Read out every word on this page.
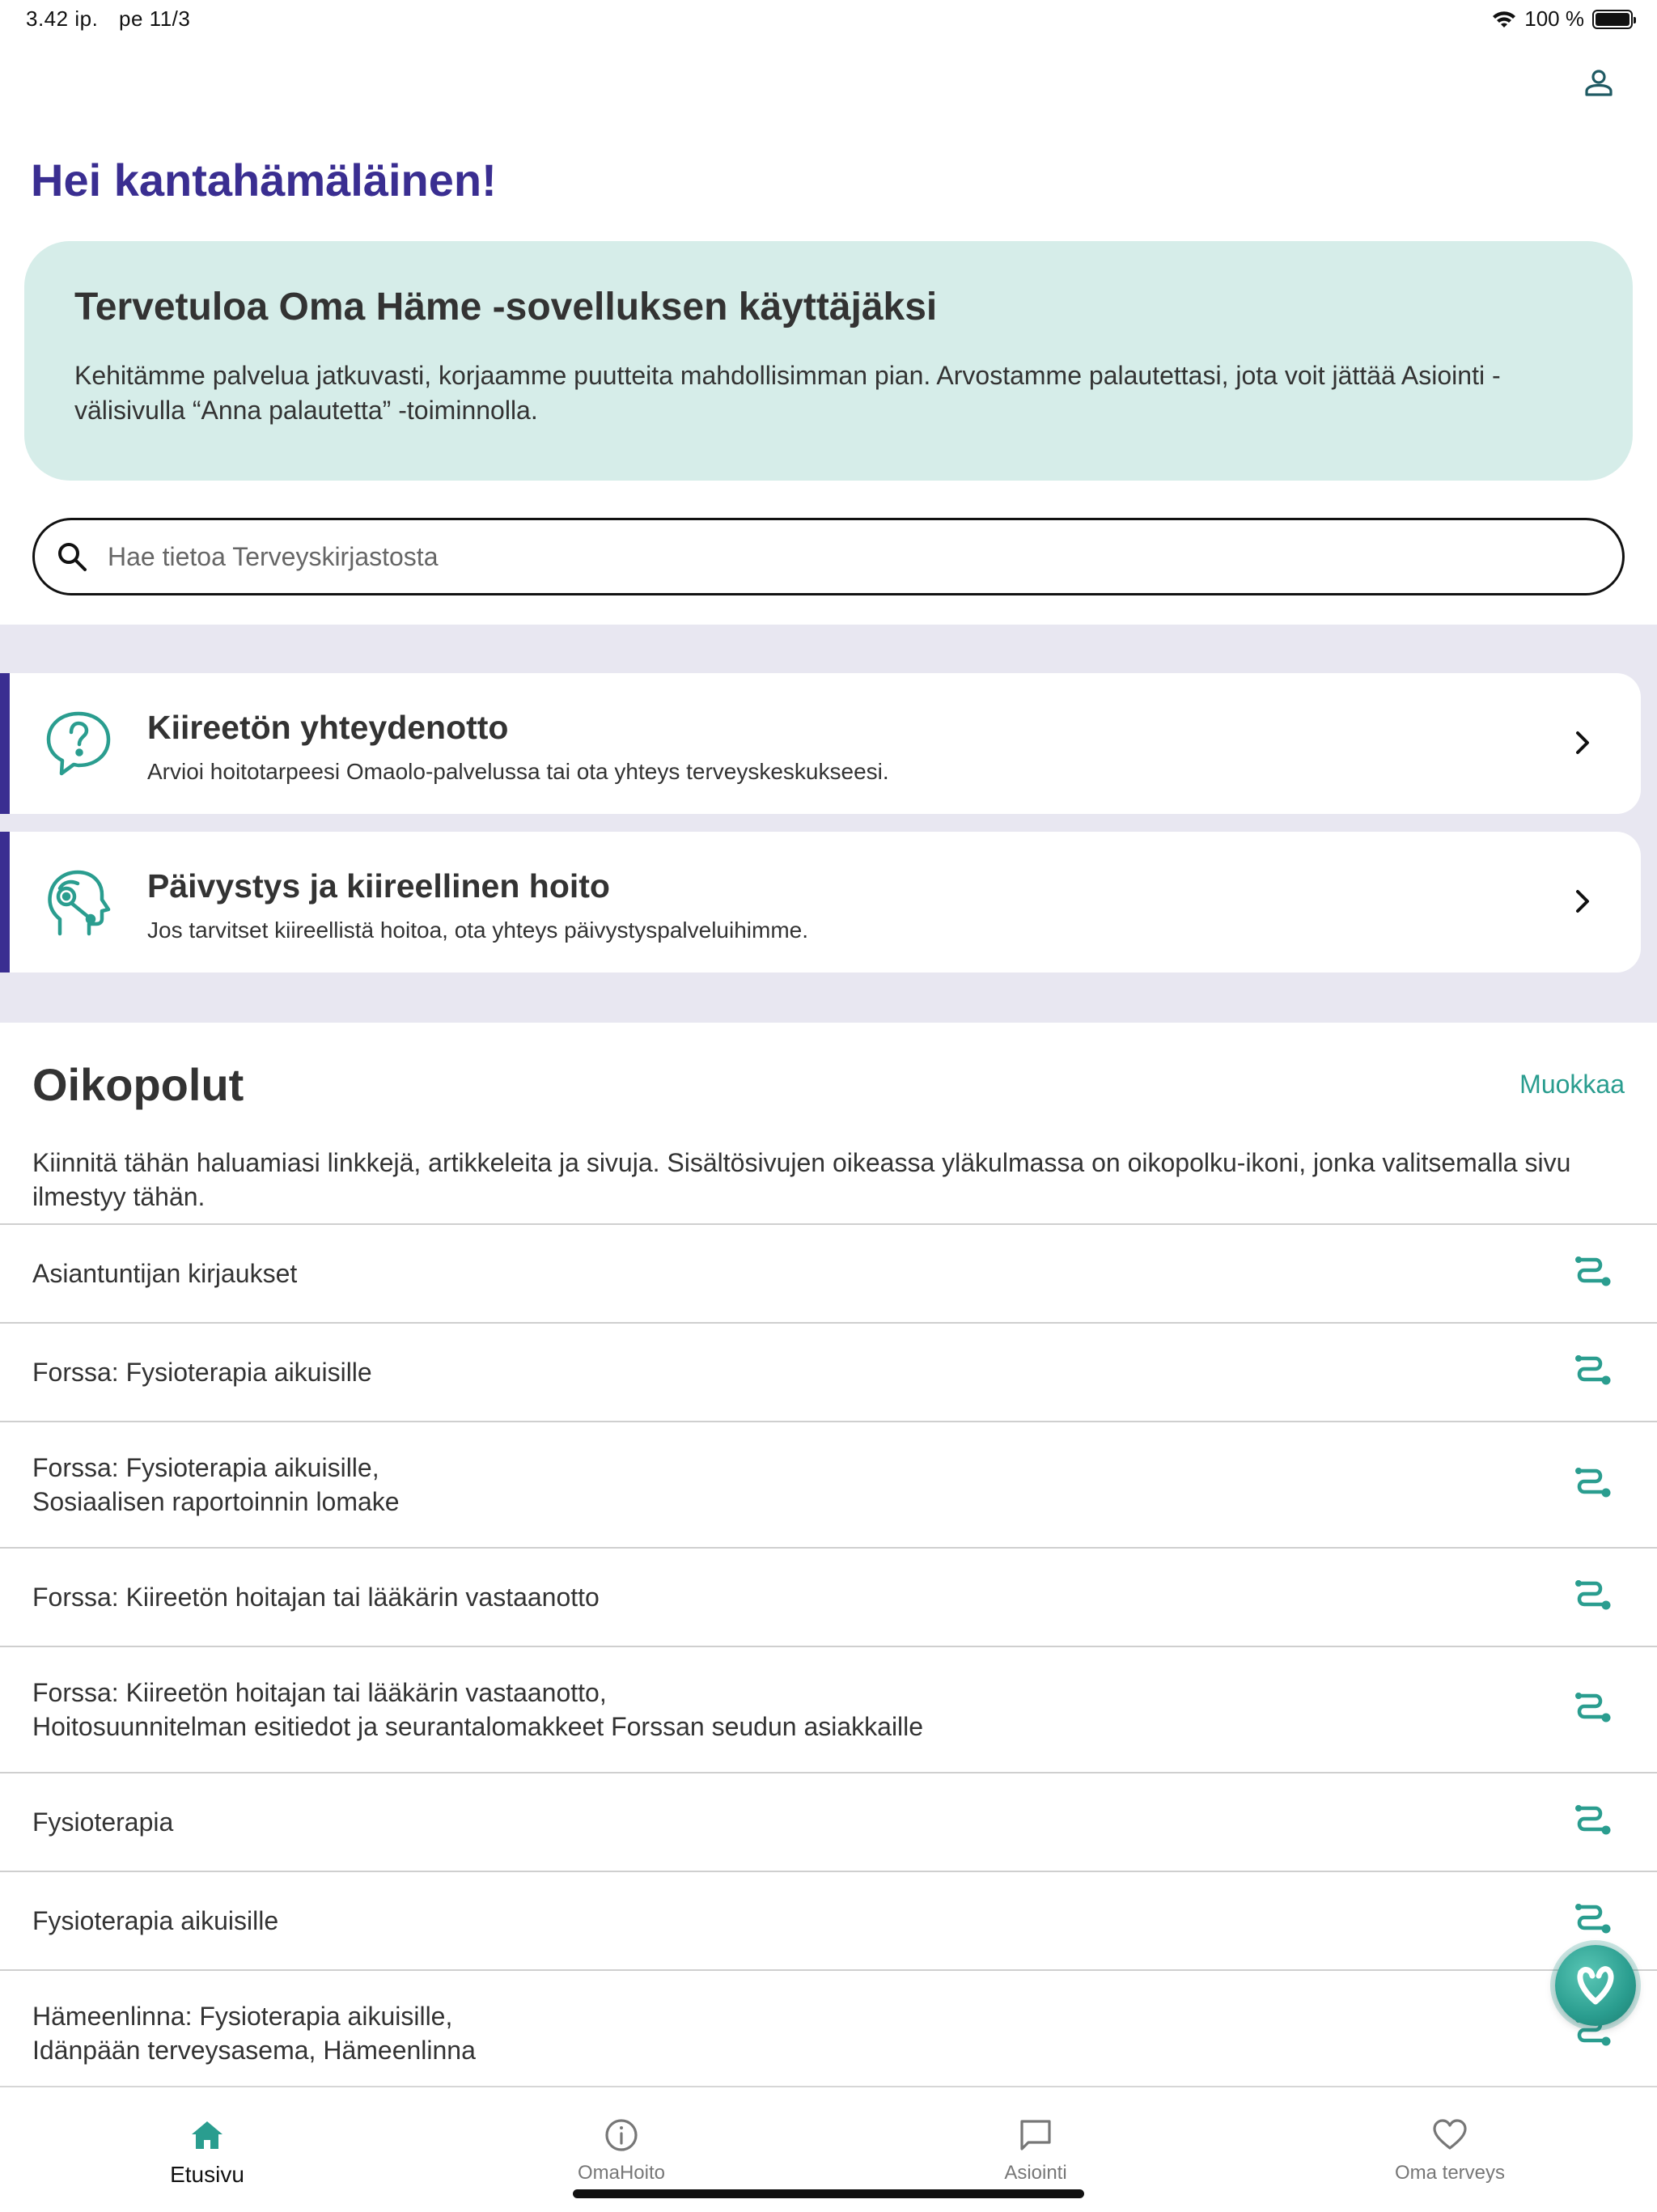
3.42 ip. pe 11/3	100 %
Hei kantahämäläinen!
Tervetuloa Oma Häme -sovelluksen käyttäjäksi

Kehitämme palvelua jatkuvasti, korjaamme puutteita mahdollisimman pian. Arvostamme palautettasi, jota voit jättää Asiointi -välisivulla “Anna palautetta” -toiminnolla.

Hae tietoa Terveyskirjastosta
Kiireetön yhteydenotto
Arvioi hoitotarpeesi Omaolo-palvelussa tai ota yhteys terveyskeskukseesi.
Päivystys ja kiireellinen hoito
Jos tarvitset kiireellistä hoitoa, ota yhteys päivystyspalveluihimme.
Oikopolut	Muokkaa

Kiinnitä tähän haluamiasi linkkejä, artikkeleita ja sivuja. Sisältösivujen oikeassa yläkulmassa on oikopolku-ikoni, jonka valitsemalla sivu ilmestyy tähän.

Asiantuntijan kirjaukset
Forssa: Fysioterapia aikuisille
Forssa: Fysioterapia aikuisille,
Sosiaalisen raportoinnin lomake
Forssa: Kiireetön hoitajan tai lääkärin vastaanotto
Forssa: Kiireetön hoitajan tai lääkärin vastaanotto,
Hoitosuunnitelman esitiedot ja seurantalomakkeet Forssan seudun asiakkaille
Fysioterapia
Fysioterapia aikuisille
Hämeenlinna: Fysioterapia aikuisille,
Idänpään terveysasema, Hämeenlinna
Etusivu	OmaHoito	Asiointi	Oma terveys
